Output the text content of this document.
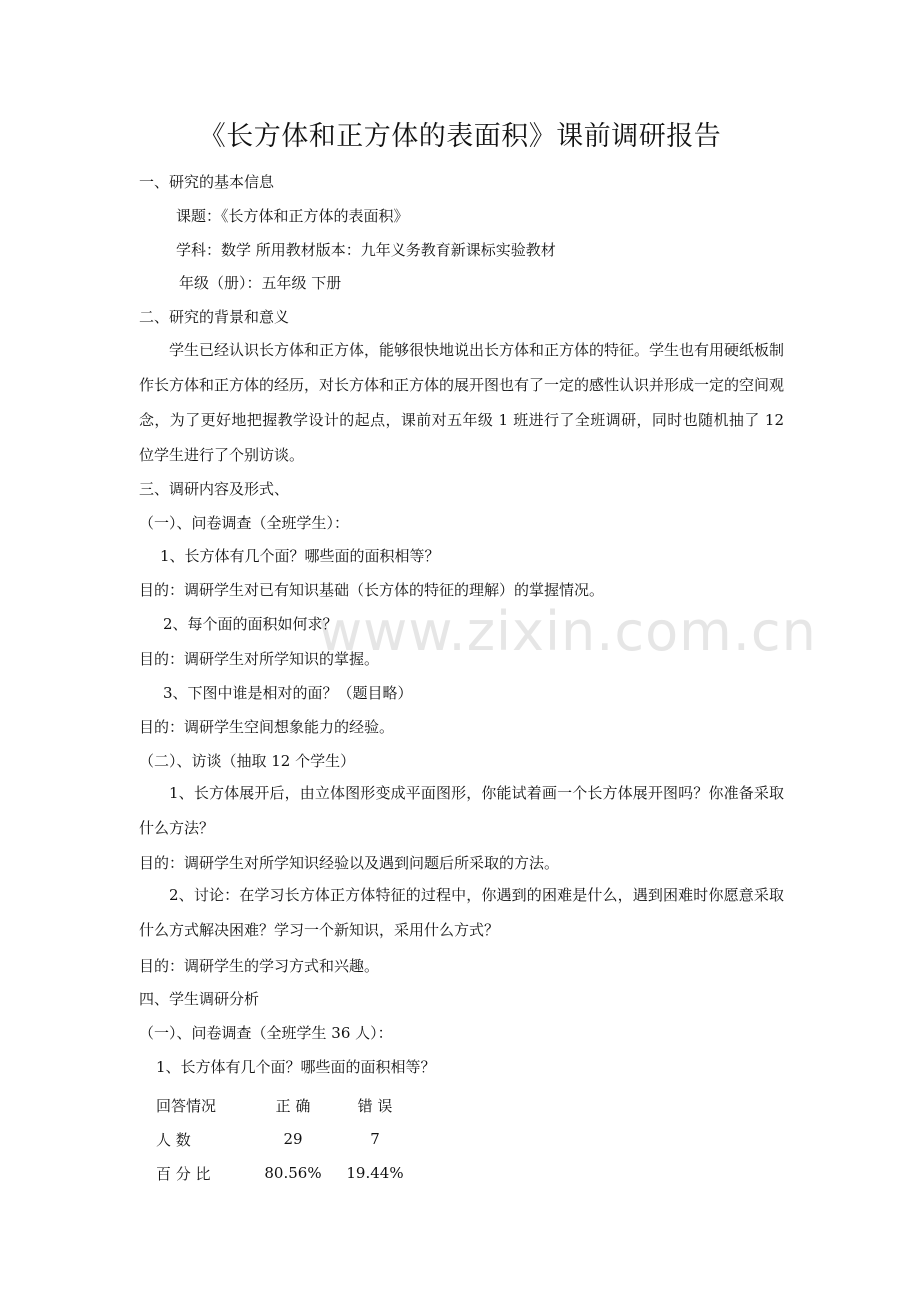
www.zixin.com.cn
《长方体和正方体的表面积》课前调研报告
一、研究的基本信息
课题：《长方体和正方体的表面积》
学科：数学 所用教材版本：九年义务教育新课标实验教材
年级（册）：五年级 下册
二、研究的背景和意义
学生已经认识长方体和正方体，能够很快地说出长方体和正方体的特征。学生也有用硬纸板制作长方体和正方体的经历，对长方体和正方体的展开图也有了一定的感性认识并形成一定的空间观念，为了更好地把握教学设计的起点，课前对五年级 1 班进行了全班调研，同时也随机抽了 12 位学生进行了个别访谈。
三、调研内容及形式、
（一）、问卷调查（全班学生）：
1、长方体有几个面？哪些面的面积相等？
目的：调研学生对已有知识基础（长方体的特征的理解）的掌握情况。
2、每个面的面积如何求？
目的：调研学生对所学知识的掌握。
3、下图中谁是相对的面？（题目略）
目的：调研学生空间想象能力的经验。
（二）、访谈（抽取 12 个学生）
1、长方体展开后，由立体图形变成平面图形，你能试着画一个长方体展开图吗？你准备采取什么方法？
目的：调研学生对所学知识经验以及遇到问题后所采取的方法。
2、讨论：在学习长方体正方体特征的过程中，你遇到的困难是什么，遇到困难时你愿意采取什么方式解决困难？学习一个新知识，采用什么方式？
目的：调研学生的学习方式和兴趣。
四、学生调研分析
（一）、问卷调查（全班学生 36 人）：
1、长方体有几个面？哪些面的面积相等？
回答情况	正 确	错 误
人 数	29	7
百 分 比	80.56%	19.44%
